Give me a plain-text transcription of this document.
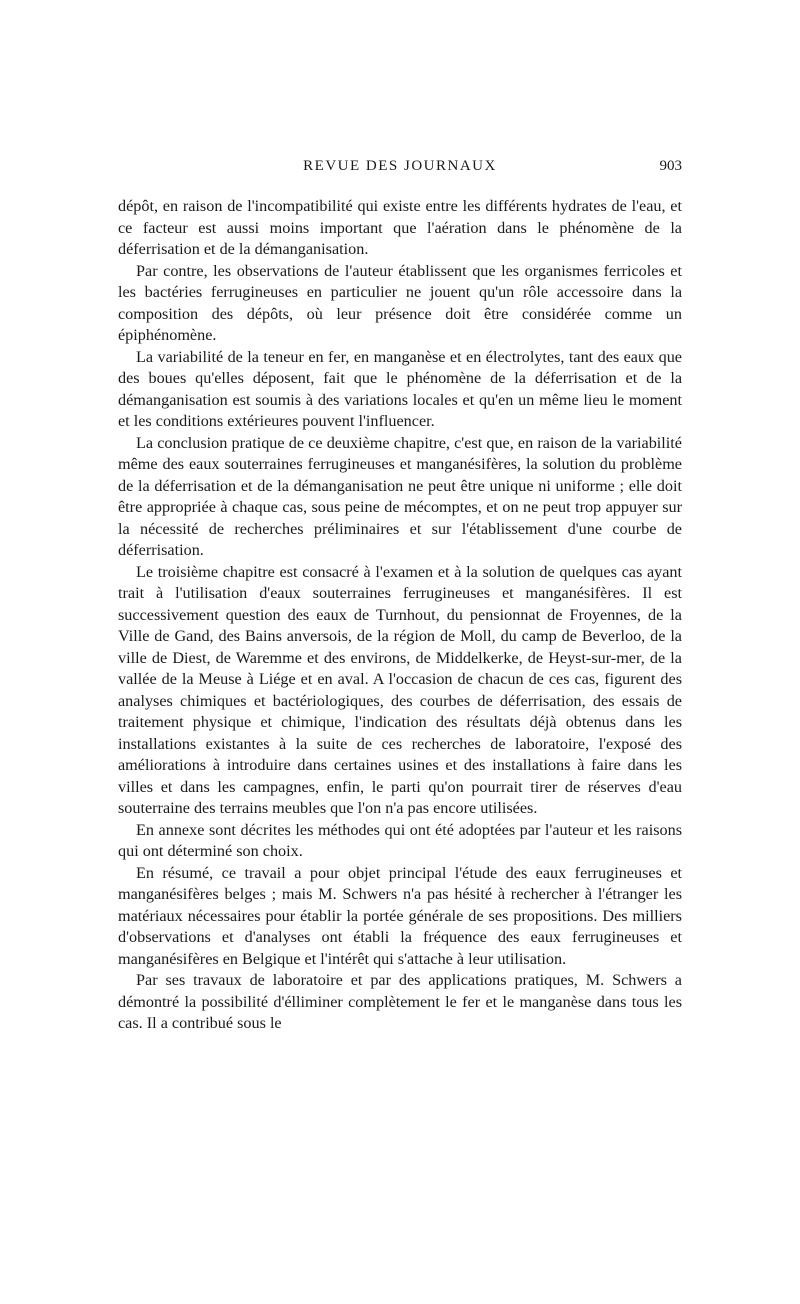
REVUE DES JOURNAUX	903

dépôt, en raison de l'incompatibilité qui existe entre les différents hydrates de l'eau, et ce facteur est aussi moins important que l'aération dans le phénomène de la déferrisation et de la démanganisation.

Par contre, les observations de l'auteur établissent que les organismes ferricoles et les bactéries ferrugineuses en particulier ne jouent qu'un rôle accessoire dans la composition des dépôts, où leur présence doit être considérée comme un épiphénomène.

La variabilité de la teneur en fer, en manganèse et en électrolytes, tant des eaux que des boues qu'elles déposent, fait que le phénomène de la déferrisation et de la démanganisation est soumis à des variations locales et qu'en un même lieu le moment et les conditions extérieures pouvent l'influencer.

La conclusion pratique de ce deuxième chapitre, c'est que, en raison de la variabilité même des eaux souterraines ferrugineuses et manganésifères, la solution du problème de la déferrisation et de la démanganisation ne peut être unique ni uniforme ; elle doit être appropriée à chaque cas, sous peine de mécomptes, et on ne peut trop appuyer sur la nécessité de recherches préliminaires et sur l'établissement d'une courbe de déferrisation.

Le troisième chapitre est consacré à l'examen et à la solution de quelques cas ayant trait à l'utilisation d'eaux souterraines ferrugineuses et manganésifères. Il est successivement question des eaux de Turnhout, du pensionnat de Froyennes, de la Ville de Gand, des Bains anversois, de la région de Moll, du camp de Beverloo, de la ville de Diest, de Waremme et des environs, de Middelkerke, de Heyst-sur-mer, de la vallée de la Meuse à Liége et en aval. A l'occasion de chacun de ces cas, figurent des analyses chimiques et bactériologiques, des courbes de déferrisation, des essais de traitement physique et chimique, l'indication des résultats déjà obtenus dans les installations existantes à la suite de ces recherches de laboratoire, l'exposé des améliorations à introduire dans certaines usines et des installations à faire dans les villes et dans les campagnes, enfin, le parti qu'on pourrait tirer de réserves d'eau souterraine des terrains meubles que l'on n'a pas encore utilisées.

En annexe sont décrites les méthodes qui ont été adoptées par l'auteur et les raisons qui ont déterminé son choix.

En résumé, ce travail a pour objet principal l'étude des eaux ferrugineuses et manganésifères belges ; mais M. Schwers n'a pas hésité à rechercher à l'étranger les matériaux nécessaires pour établir la portée générale de ses propositions. Des milliers d'observations et d'analyses ont établi la fréquence des eaux ferrugineuses et manganésifères en Belgique et l'intérêt qui s'attache à leur utilisation.

Par ses travaux de laboratoire et par des applications pratiques, M. Schwers a démontré la possibilité d'élliminer complètement le fer et le manganèse dans tous les cas. Il a contribué sous le
